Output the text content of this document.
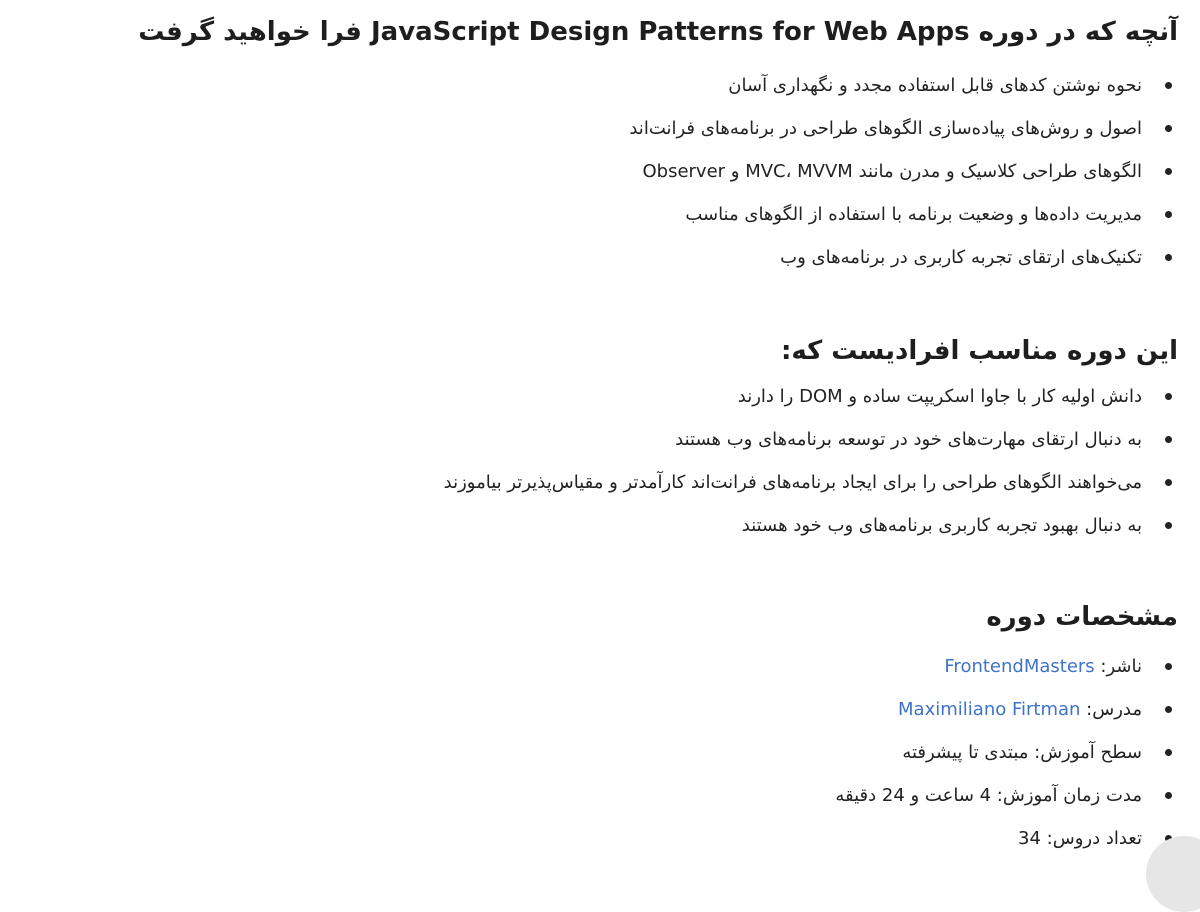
آنچه که در دوره JavaScript Design Patterns for Web Apps فرا خواهید گرفت
نحوه نوشتن کدهای قابل استفاده مجدد و نگهداری آسان
اصول و روش‌های پیاده‌سازی الگوهای طراحی در برنامه‌های فرانت‌اند
الگوهای طراحی کلاسیک و مدرن مانند MVC، MVVM و Observer
مدیریت داده‌ها و وضعیت برنامه با استفاده از الگوهای مناسب
تکنیک‌های ارتقای تجربه کاربری در برنامه‌های وب
این دوره مناسب افرادیست که:
دانش اولیه کار با جاوا اسکریپت ساده و DOM را دارند
به دنبال ارتقای مهارت‌های خود در توسعه برنامه‌های وب هستند
می‌خواهند الگوهای طراحی را برای ایجاد برنامه‌های فرانت‌اند کارآمدتر و مقیاس‌پذیرتر بیاموزند
به دنبال بهبود تجربه کاربری برنامه‌های وب خود هستند
مشخصات دوره
ناشر: FrontendMasters
مدرس: Maximiliano Firtman
سطح آموزش: مبتدی تا پیشرفته
مدت زمان آموزش: 4 ساعت و 24 دقیقه
تعداد دروس: 34
